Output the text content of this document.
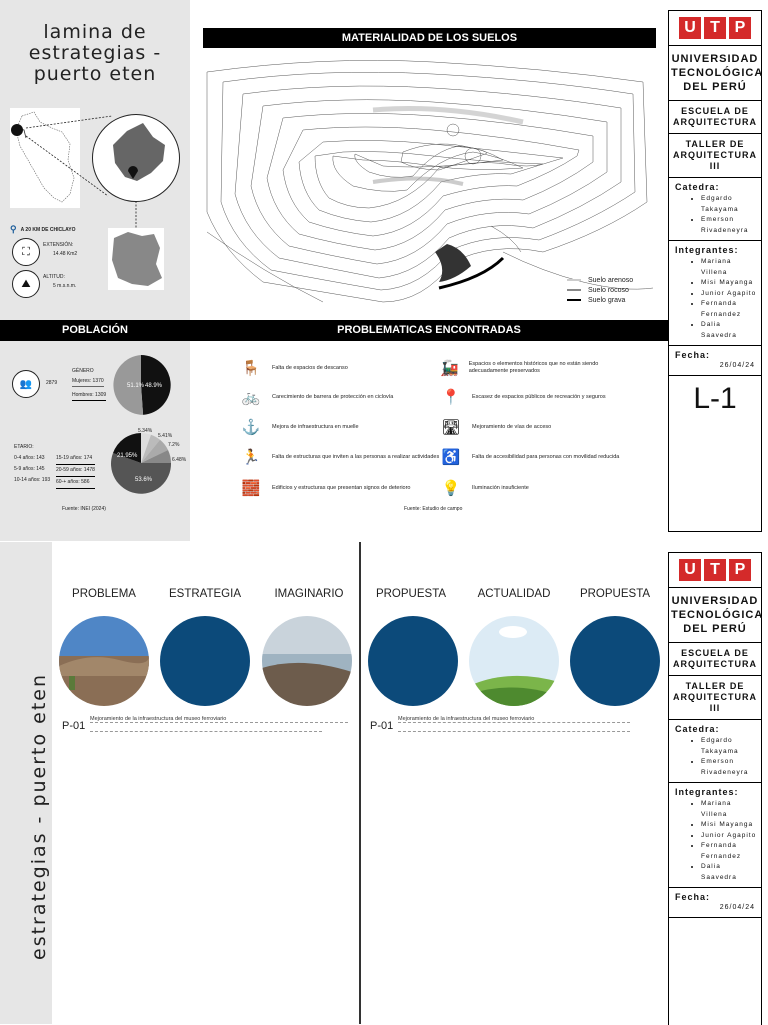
lamina de
estrategias -
puerto eten
⚲ A 20 KM DE CHICLAYO
⛶
EXTENSIÓN:
14.48 Km2
⛰
ALTITUD:
5 m.s.n.m.
MATERIALIDAD DE LOS SUELOS
Suelo arenoso
Suelo rocoso
Suelo grava
POBLACIÓN
👥	2879
GÉNERO
Mujeres: 1370
Hombres: 1309
51.1% 48.9%
ETARIO:
0-4 años: 143
5-9 años: 145
10-14 años: 193
15-19 años: 174
20-59 años: 1478
60-+ años: 586
21.95%
53.6%
5.34%
5.41%
7.2%
6.48%
Fuente: INEI (2024)
PROBLEMATICAS ENCONTRADAS
🪑	Falta de espacios de descanso
🚲	Carecimiento de barrera de protección en ciclovía
⚓	Mejora de infraestructura en muelle
🏃	Falta de estructuras que inviten a las personas a realizar actividades
🧱	Edificios y estructuras que presentan signos de deterioro
🚂 Espacios o elementos históricos que no están siendo adecuadamente preservados
📍	Escasez de espacios públicos de recreación y seguros
🛣 Mejoramiento de vías de acceso
♿	Falta de accesibilidad para personas con movilidad reducida
💡	Iluminación insuficiente
Fuente: Estudio de campo
U T P
UNIVERSIDAD TECNOLÓGICA DEL PERÚ
ESCUELA DE ARQUITECTURA
TALLER DE ARQUITECTURA III
Catedra:
• Edgardo Takayama
• Emerson Rivadeneyra
Integrantes:
• Mariana Villena
• Misi Mayanga
• Junior Agapito
• Fernanda Fernandez
• Dalia Saavedra
Fecha:
26/04/24
L-1
estrategias - puerto eten
PROBLEMA	ESTRATEGIA	IMAGINARIO
P-01
Mejoramiento de la infraestructura del museo ferroviario
PROPUESTA	ACTUALIDAD	PROPUESTA
P-01
Mejoramiento de la infraestructura del museo ferroviario
U T P
UNIVERSIDAD TECNOLÓGICA DEL PERÚ
ESCUELA DE ARQUITECTURA
TALLER DE ARQUITECTURA III
Catedra:
• Edgardo Takayama
• Emerson Rivadeneyra
Integrantes:
• Mariana Villena
• Misi Mayanga
• Junior Agapito
• Fernanda Fernandez
• Dalia Saavedra
Fecha:
26/04/24
